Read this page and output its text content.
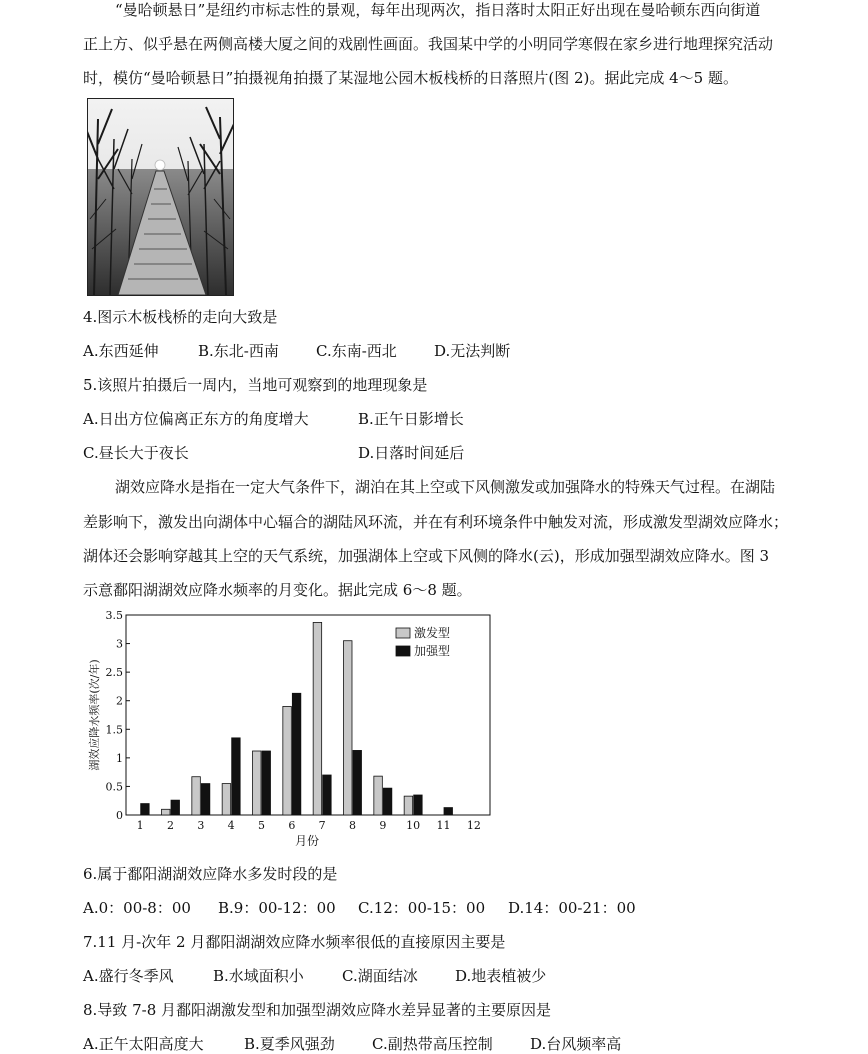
“曼哈顿悬日”是纽约市标志性的景观，每年出现两次，指日落时太阳正好出现在曼哈顿东西向街道
正上方、似乎悬在两侧高楼大厦之间的戏剧性画面。我国某中学的小明同学寒假在家乡进行地理探究活动
时，模仿“曼哈顿悬日”拍摄视角拍摄了某湿地公园木板栈桥的日落照片(图 2)。据此完成 4～5 题。
4.图示木板栈桥的走向大致是
A.东西延伸	B.东北-西南 C.东南-西北 D.无法判断
5.该照片拍摄后一周内，当地可观察到的地理现象是
A.日出方位偏离正东方的角度增大	B.正午日影增长
C.昼长大于夜长	D.日落时间延后
湖效应降水是指在一定大气条件下，湖泊在其上空或下风侧激发或加强降水的特殊天气过程。在湖陆
差影响下，激发出向湖体中心辐合的湖陆风环流，并在有利环境条件中触发对流，形成激发型湖效应降水；
湖体还会影响穿越其上空的天气系统，加强湖体上空或下风侧的降水(云)，形成加强型湖效应降水。图 3
示意鄱阳湖湖效应降水频率的月变化。据此完成 6～8 题。
0
0.5
1
1.5
2
2.5
3
3.5
1 2 3 4 5 6 7 8 9 10 11 12
激发型
加强型
月份
湖效应降水频率(次/年)
6.属于鄱阳湖湖效应降水多发时段的是
A.0：00-8：00 B.9：00-12：00 C.12：00-15：00 D.14：00-21：00
7.11 月-次年 2 月鄱阳湖湖效应降水频率很低的直接原因主要是
A.盛行冬季风	B.水域面积小	C.湖面结冰 D.地表植被少
8.导致 7-8 月鄱阳湖激发型和加强型湖效应降水差异显著的主要原因是
A.正午太阳高度大	B.夏季风强劲 C.副热带高压控制 D.台风频率高
